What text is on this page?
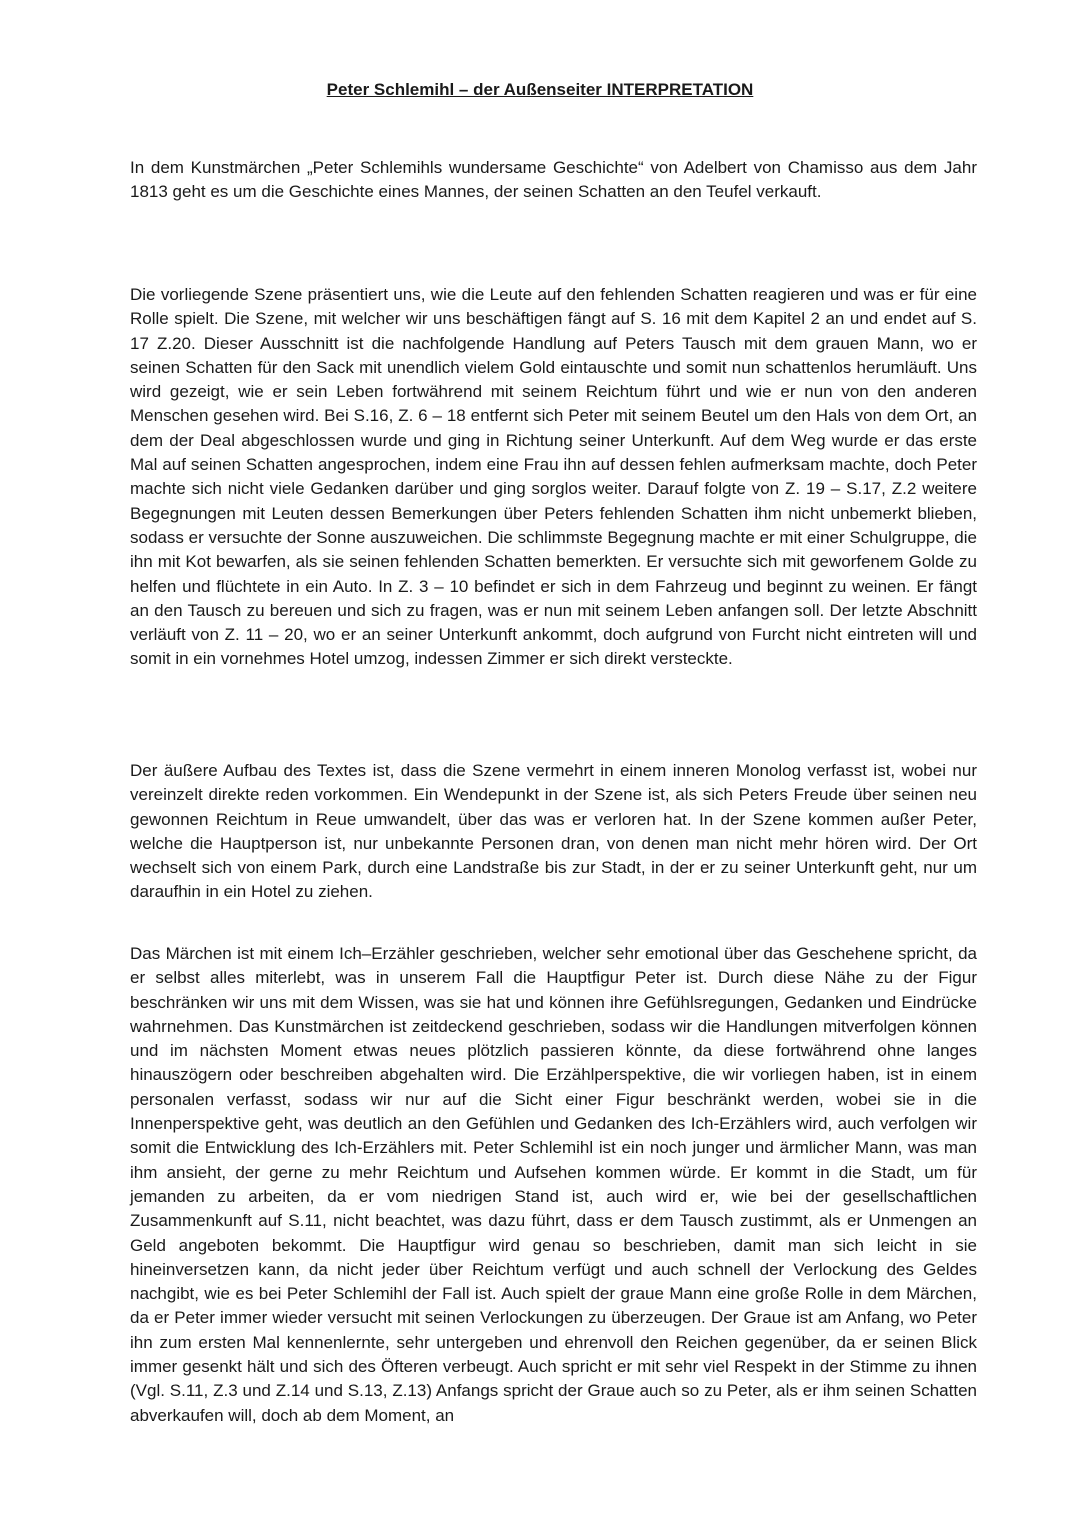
Peter Schlemihl – der Außenseiter INTERPRETATION

In dem Kunstmärchen „Peter Schlemihls wundersame Geschichte“ von Adelbert von Chamisso aus dem Jahr 1813 geht es um die Geschichte eines Mannes, der seinen Schatten an den Teufel verkauft.

Die vorliegende Szene präsentiert uns, wie die Leute auf den fehlenden Schatten reagieren und was er für eine Rolle spielt. Die Szene, mit welcher wir uns beschäftigen fängt auf S. 16 mit dem Kapitel 2 an und endet auf S. 17 Z.20. Dieser Ausschnitt ist die nachfolgende Handlung auf Peters Tausch mit dem grauen Mann, wo er seinen Schatten für den Sack mit unendlich vielem Gold eintauschte und somit nun schattenlos herumläuft. Uns wird gezeigt, wie er sein Leben fortwährend mit seinem Reichtum führt und wie er nun von den anderen Menschen gesehen wird. Bei S.16, Z. 6 – 18 entfernt sich Peter mit seinem Beutel um den Hals von dem Ort, an dem der Deal abgeschlossen wurde und ging in Richtung seiner Unterkunft. Auf dem Weg wurde er das erste Mal auf seinen Schatten angesprochen, indem eine Frau ihn auf dessen fehlen aufmerksam machte, doch Peter machte sich nicht viele Gedanken darüber und ging sorglos weiter. Darauf folgte von Z. 19 – S.17, Z.2 weitere Begegnungen mit Leuten dessen Bemerkungen über Peters fehlenden Schatten ihm nicht unbemerkt blieben, sodass er versuchte der Sonne auszuweichen. Die schlimmste Begegnung machte er mit einer Schulgruppe, die ihn mit Kot bewarfen, als sie seinen fehlenden Schatten bemerkten. Er versuchte sich mit geworfenem Golde zu helfen und flüchtete in ein Auto. In Z. 3 – 10 befindet er sich in dem Fahrzeug und beginnt zu weinen. Er fängt an den Tausch zu bereuen und sich zu fragen, was er nun mit seinem Leben anfangen soll. Der letzte Abschnitt verläuft von Z. 11 – 20, wo er an seiner Unterkunft ankommt, doch aufgrund von Furcht nicht eintreten will und somit in ein vornehmes Hotel umzog, indessen Zimmer er sich direkt versteckte.

Der äußere Aufbau des Textes ist, dass die Szene vermehrt in einem inneren Monolog verfasst ist, wobei nur vereinzelt direkte reden vorkommen. Ein Wendepunkt in der Szene ist, als sich Peters Freude über seinen neu gewonnen Reichtum in Reue umwandelt, über das was er verloren hat. In der Szene kommen außer Peter, welche die Hauptperson ist, nur unbekannte Personen dran, von denen man nicht mehr hören wird. Der Ort wechselt sich von einem Park, durch eine Landstraße bis zur Stadt, in der er zu seiner Unterkunft geht, nur um daraufhin in ein Hotel zu ziehen.

Das Märchen ist mit einem Ich–Erzähler geschrieben, welcher sehr emotional über das Geschehene spricht, da er selbst alles miterlebt, was in unserem Fall die Hauptfigur Peter ist. Durch diese Nähe zu der Figur beschränken wir uns mit dem Wissen, was sie hat und können ihre Gefühlsregungen, Gedanken und Eindrücke wahrnehmen. Das Kunstmärchen ist zeitdeckend geschrieben, sodass wir die Handlungen mitverfolgen können und im nächsten Moment etwas neues plötzlich passieren könnte, da diese fortwährend ohne langes hinauszögern oder beschreiben abgehalten wird. Die Erzählperspektive, die wir vorliegen haben, ist in einem personalen verfasst, sodass wir nur auf die Sicht einer Figur beschränkt werden, wobei sie in die Innenperspektive geht, was deutlich an den Gefühlen und Gedanken des Ich-Erzählers wird, auch verfolgen wir somit die Entwicklung des Ich-Erzählers mit. Peter Schlemihl ist ein noch junger und ärmlicher Mann, was man ihm ansieht, der gerne zu mehr Reichtum und Aufsehen kommen würde. Er kommt in die Stadt, um für jemanden zu arbeiten, da er vom niedrigen Stand ist, auch wird er, wie bei der gesellschaftlichen Zusammenkunft auf S.11, nicht beachtet, was dazu führt, dass er dem Tausch zustimmt, als er Unmengen an Geld angeboten bekommt. Die Hauptfigur wird genau so beschrieben, damit man sich leicht in sie hineinversetzen kann, da nicht jeder über Reichtum verfügt und auch schnell der Verlockung des Geldes nachgibt, wie es bei Peter Schlemihl der Fall ist. Auch spielt der graue Mann eine große Rolle in dem Märchen, da er Peter immer wieder versucht mit seinen Verlockungen zu überzeugen. Der Graue ist am Anfang, wo Peter ihn zum ersten Mal kennenlernte, sehr untergeben und ehrenvoll den Reichen gegenüber, da er seinen Blick immer gesenkt hält und sich des Öfteren verbeugt. Auch spricht er mit sehr viel Respekt in der Stimme zu ihnen (Vgl. S.11, Z.3 und Z.14 und S.13, Z.13) Anfangs spricht der Graue auch so zu Peter, als er ihm seinen Schatten abverkaufen will, doch ab dem Moment, an
